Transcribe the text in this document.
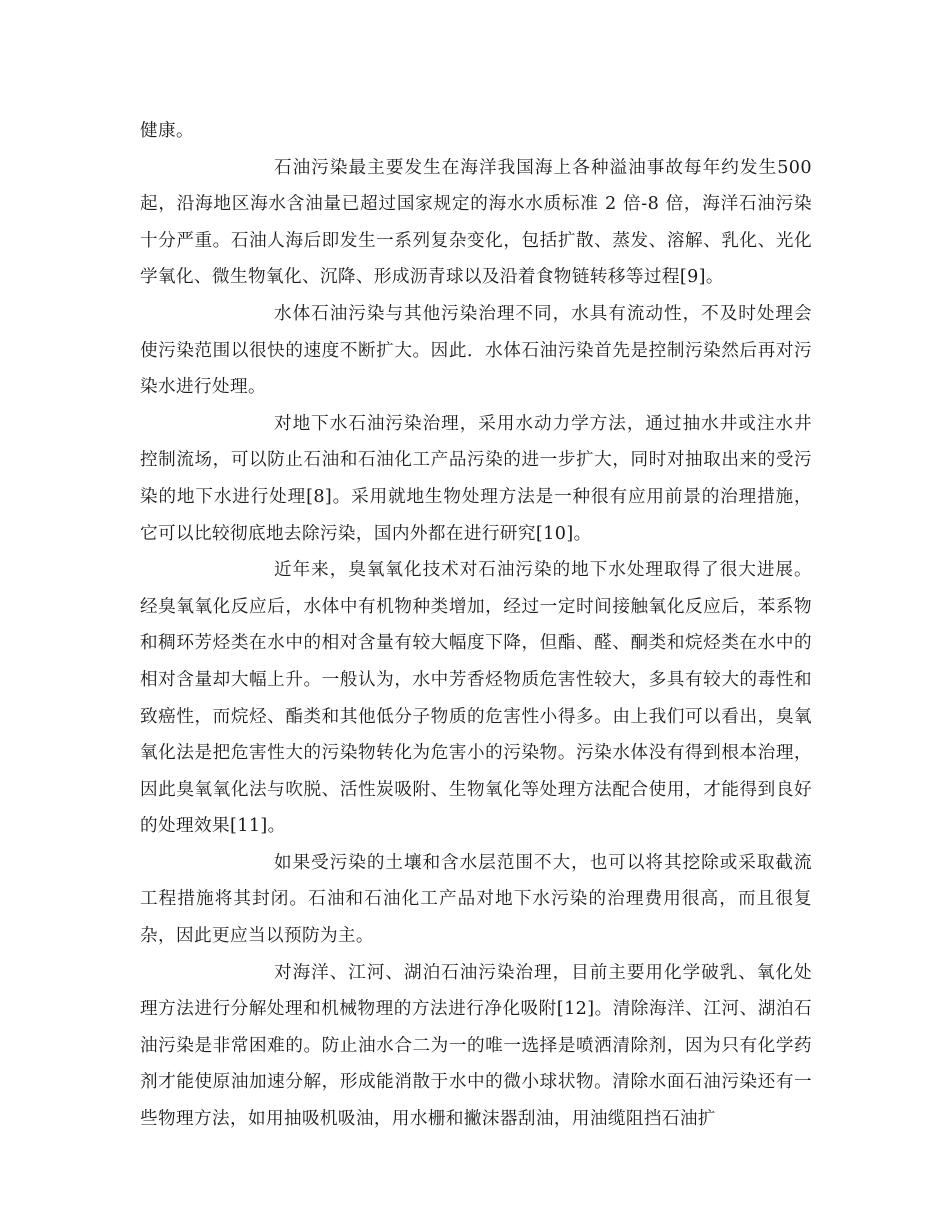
健康。

石油污染最主要发生在海洋我国海上各种溢油事故每年约发生500起，沿海地区海水含油量已超过国家规定的海水水质标准 2 倍-8 倍，海洋石油污染十分严重。石油人海后即发生一系列复杂变化，包括扩散、蒸发、溶解、乳化、光化学氧化、微生物氧化、沉降、形成沥青球以及沿着食物链转移等过程[9]。

水体石油污染与其他污染治理不同，水具有流动性，不及时处理会使污染范围以很快的速度不断扩大。因此．水体石油污染首先是控制污染然后再对污染水进行处理。

对地下水石油污染治理，采用水动力学方法，通过抽水井或注水井控制流场，可以防止石油和石油化工产品污染的进一步扩大，同时对抽取出来的受污染的地下水进行处理[8]。采用就地生物处理方法是一种很有应用前景的治理措施，它可以比较彻底地去除污染，国内外都在进行研究[10]。

近年来，臭氧氧化技术对石油污染的地下水处理取得了很大进展。经臭氧氧化反应后，水体中有机物种类增加，经过一定时间接触氧化反应后，苯系物和稠环芳烃类在水中的相对含量有较大幅度下降，但酯、醛、酮类和烷烃类在水中的相对含量却大幅上升。一般认为，水中芳香烃物质危害性较大，多具有较大的毒性和致癌性，而烷烃、酯类和其他低分子物质的危害性小得多。由上我们可以看出，臭氧氧化法是把危害性大的污染物转化为危害小的污染物。污染水体没有得到根本治理，因此臭氧氧化法与吹脱、活性炭吸附、生物氧化等处理方法配合使用，才能得到良好的处理效果[11]。

如果受污染的土壤和含水层范围不大，也可以将其挖除或采取截流工程措施将其封闭。石油和石油化工产品对地下水污染的治理费用很高，而且很复杂，因此更应当以预防为主。

对海洋、江河、湖泊石油污染治理，目前主要用化学破乳、氧化处理方法进行分解处理和机械物理的方法进行净化吸附[12]。清除海洋、江河、湖泊石油污染是非常困难的。防止油水合二为一的唯一选择是喷洒清除剂，因为只有化学药剂才能使原油加速分解，形成能消散于水中的微小球状物。清除水面石油污染还有一些物理方法，如用抽吸机吸油，用水栅和撇沫器刮油，用油缆阻挡石油扩
